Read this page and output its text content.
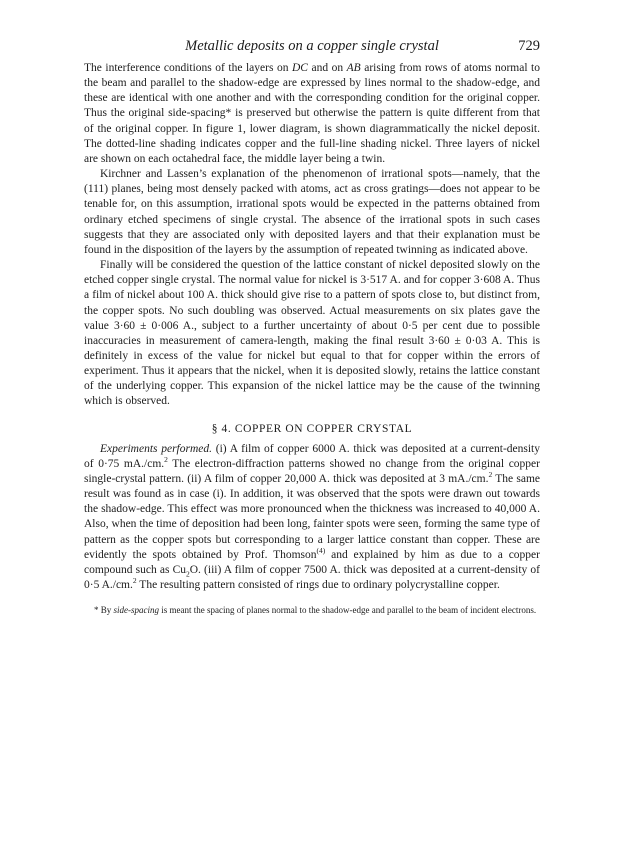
Metallic deposits on a copper single crystal	729

The interference conditions of the layers on DC and on AB arising from rows of atoms normal to the beam and parallel to the shadow-edge are expressed by lines normal to the shadow-edge, and these are identical with one another and with the corresponding condition for the original copper. Thus the original side-spacing* is preserved but otherwise the pattern is quite different from that of the original copper. In figure 1, lower diagram, is shown diagrammatically the nickel deposit. The dotted-line shading indicates copper and the full-line shading nickel. Three layers of nickel are shown on each octahedral face, the middle layer being a twin.

Kirchner and Lassen’s explanation of the phenomenon of irrational spots—namely, that the (111) planes, being most densely packed with atoms, act as cross gratings—does not appear to be tenable for, on this assumption, irrational spots would be expected in the patterns obtained from ordinary etched specimens of single crystal. The absence of the irrational spots in such cases suggests that they are associated only with deposited layers and that their explanation must be found in the disposition of the layers by the assumption of repeated twinning as indicated above.

Finally will be considered the question of the lattice constant of nickel deposited slowly on the etched copper single crystal. The normal value for nickel is 3·517 A. and for copper 3·608 A. Thus a film of nickel about 100 A. thick should give rise to a pattern of spots close to, but distinct from, the copper spots. No such doubling was observed. Actual measurements on six plates gave the value 3·60 ± 0·006 A., subject to a further uncertainty of about 0·5 per cent due to possible inaccuracies in measurement of camera-length, making the final result 3·60 ± 0·03 A. This is definitely in excess of the value for nickel but equal to that for copper within the errors of experiment. Thus it appears that the nickel, when it is deposited slowly, retains the lattice constant of the underlying copper. This expansion of the nickel lattice may be the cause of the twinning which is observed.

§ 4. COPPER ON COPPER CRYSTAL

Experiments performed. (i) A film of copper 6000 A. thick was deposited at a current-density of 0·75 mA./cm.$^2$ The electron-diffraction patterns showed no change from the original copper single-crystal pattern. (ii) A film of copper 20,000 A. thick was deposited at 3 mA./cm.$^2$ The same result was found as in case (i). In addition, it was observed that the spots were drawn out towards the shadow-edge. This effect was more pronounced when the thickness was increased to 40,000 A. Also, when the time of deposition had been long, fainter spots were seen, forming the same type of pattern as the copper spots but corresponding to a larger lattice constant than copper. These are evidently the spots obtained by Prof. Thomson$^{(4)}$ and explained by him as due to a copper compound such as $Cu_2O$. (iii) A film of copper 7500 A. thick was deposited at a current-density of 0·5 A./cm.$^2$ The resulting pattern consisted of rings due to ordinary polycrystalline copper.

* By side-spacing is meant the spacing of planes normal to the shadow-edge and parallel to the beam of incident electrons.
